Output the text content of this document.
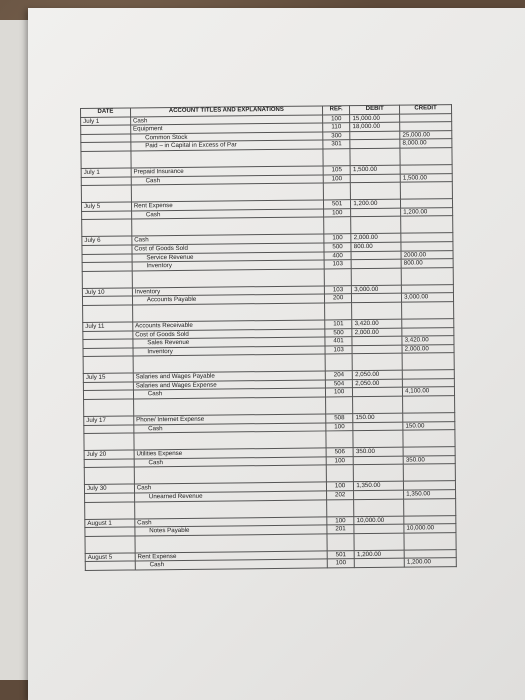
DATE	ACCOUNT TITLES AND EXPLANATIONS	REF.	DEBIT	CREDIT
July 1	Cash	100	15,000.00	
	Equipment	110	18,000.00	
	Common Stock	300		25,000.00
	Paid – in Capital in Excess of Par	301		8,000.00

July 1	Prepaid Insurance	105	1,500.00	
	Cash	100		1,500.00

July 5	Rent Expense	501	1,200.00	
	Cash	100		1,200.00

July 6	Cash	100	2,000.00	
	Cost of Goods Sold	500	800.00	
	Service Revenue	400		2000.00
	Inventory	103		800.00

July 10	Inventory	103	3,000.00	
	Accounts Payable	200		3,000.00

July 11	Accounts Receivable	101	3,420.00	
	Cost of Goods Sold	500	2,000.00	
	Sales Revenue	401		3,420.00
	Inventory	103		2,000.00

July 15	Salaries and Wages Payable	204	2,050.00	
	Salaries and Wages Expense	504	2,050.00	
	Cash	100		4,100.00

July 17	Phone/ Internet Expense	508	150.00	
	Cash	100		150.00

July 20	Utilities Expense	506	350.00	
	Cash	100		350.00

July 30	Cash	100	1,350.00	
	Unearned Revenue	202		1,350.00

August 1	Cash	100	10,000.00	
	Notes Payable	201		10,000.00

August 5	Rent Expense	501	1,200.00	
	Cash	100		1,200.00
